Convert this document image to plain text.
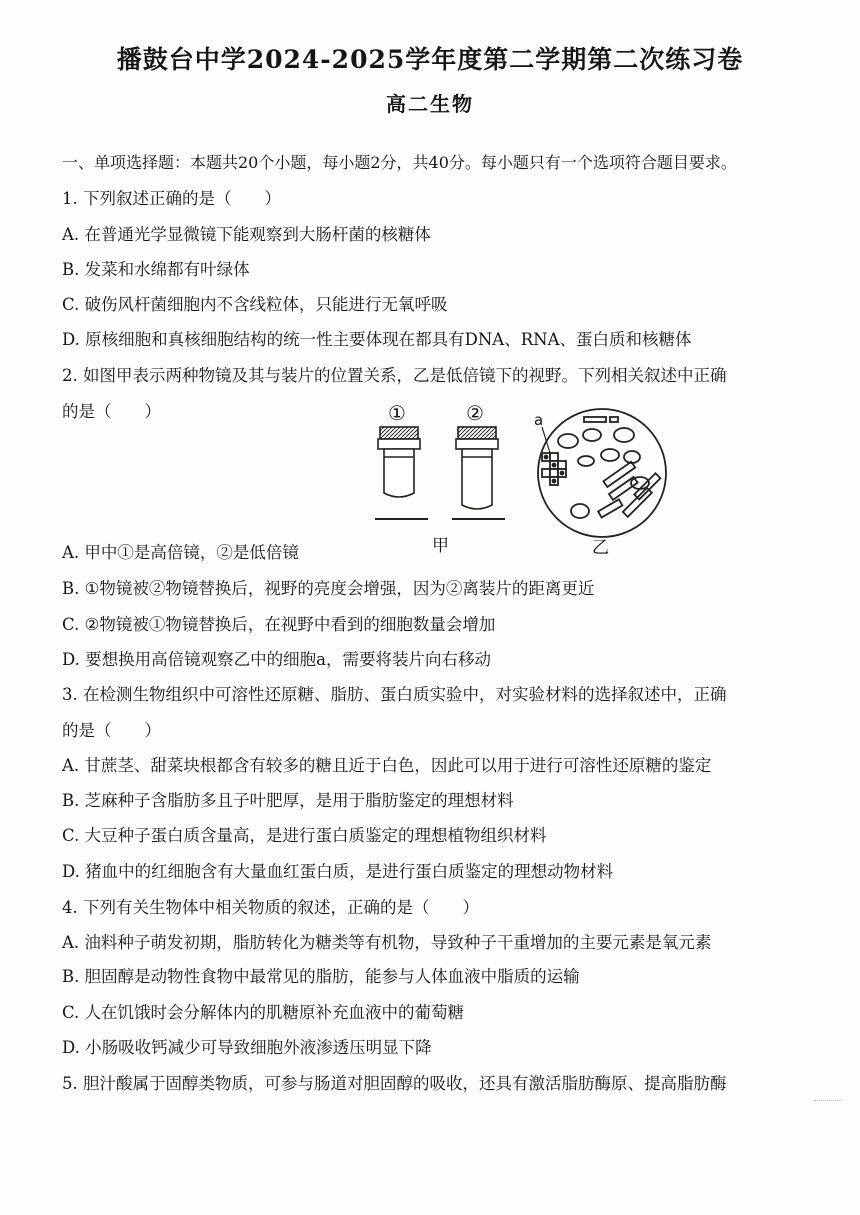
播鼓台中学2024-2025学年度第二学期第二次练习卷
高二生物
一、单项选择题：本题共20个小题，每小题2分，共40分。每小题只有一个选项符合题目要求。
1. 下列叙述正确的是（　　）
A. 在普通光学显微镜下能观察到大肠杆菌的核糖体
B. 发菜和水绵都有叶绿体
C. 破伤风杆菌细胞内不含线粒体，只能进行无氧呼吸
D. 原核细胞和真核细胞结构的统一性主要体现在都具有DNA、RNA、蛋白质和核糖体
2. 如图甲表示两种物镜及其与装片的位置关系，乙是低倍镜下的视野。下列相关叙述中正确
的是（　　）	①	②	a
甲	乙
A. 甲中①是高倍镜，②是低倍镜
B. ①物镜被②物镜替换后，视野的亮度会增强，因为②离装片的距离更近
C. ②物镜被①物镜替换后，在视野中看到的细胞数量会增加
D. 要想换用高倍镜观察乙中的细胞a，需要将装片向右移动
3. 在检测生物组织中可溶性还原糖、脂肪、蛋白质实验中，对实验材料的选择叙述中，正确
的是（　　）
A. 甘蔗茎、甜菜块根都含有较多的糖且近于白色，因此可以用于进行可溶性还原糖的鉴定
B. 芝麻种子含脂肪多且子叶肥厚，是用于脂肪鉴定的理想材料
C. 大豆种子蛋白质含量高，是进行蛋白质鉴定的理想植物组织材料
D. 猪血中的红细胞含有大量血红蛋白质，是进行蛋白质鉴定的理想动物材料
4. 下列有关生物体中相关物质的叙述，正确的是（　　）
A. 油料种子萌发初期，脂肪转化为糖类等有机物，导致种子干重增加的主要元素是氧元素
B. 胆固醇是动物性食物中最常见的脂肪，能参与人体血液中脂质的运输
C. 人在饥饿时会分解体内的肌糖原补充血液中的葡萄糖
D. 小肠吸收钙减少可导致细胞外液渗透压明显下降
5. 胆汁酸属于固醇类物质，可参与肠道对胆固醇的吸收，还具有激活脂肪酶原、提高脂肪酶
